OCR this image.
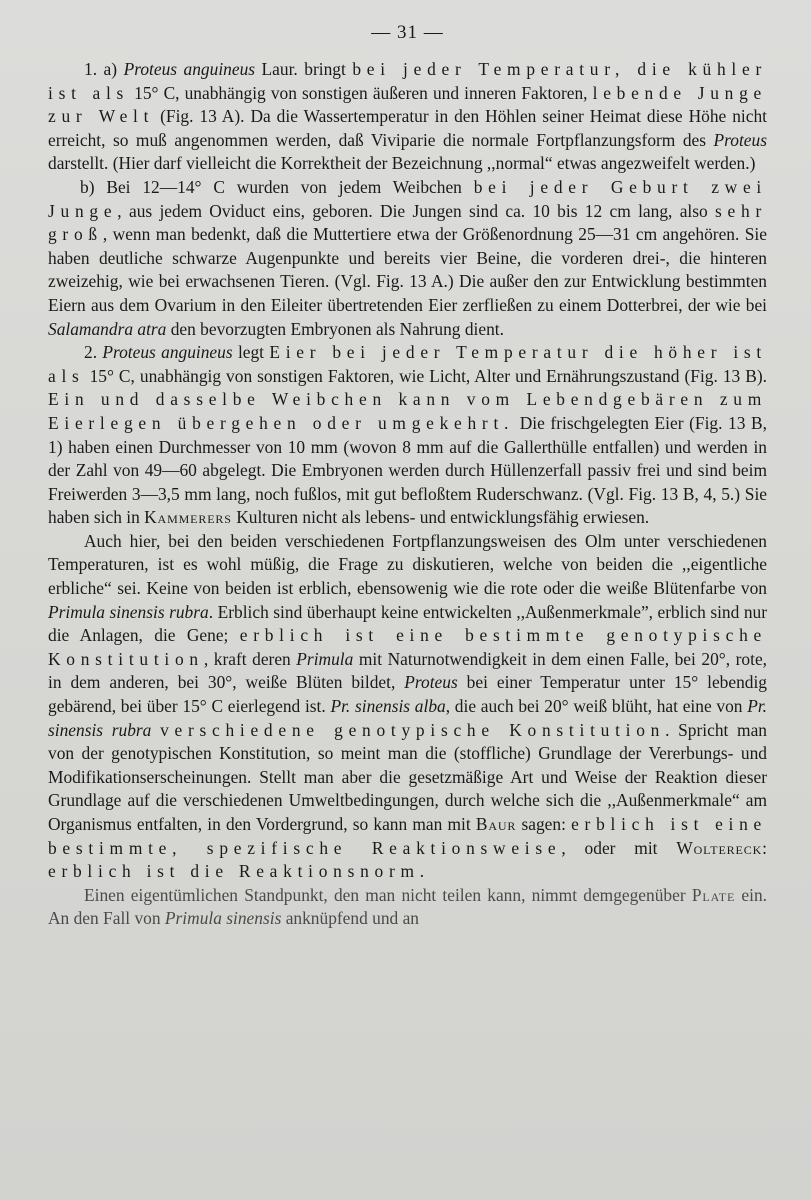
— 31 —

1. a) Proteus anguineus Laur. bringt bei jeder Temperatur, die kühler ist als 15° C, unabhängig von sonstigen äußeren und inneren Faktoren, lebende Junge zur Welt (Fig. 13 A). Da die Wassertemperatur in den Höhlen seiner Heimat diese Höhe nicht erreicht, so muß angenommen werden, daß Viviparie die normale Fortpflanzungsform des Proteus darstellt. (Hier darf vielleicht die Korrektheit der Bezeichnung ,,normal“ etwas angezweifelt werden.)

b) Bei 12—14° C wurden von jedem Weibchen bei jeder Geburt zwei Junge, aus jedem Oviduct eins, geboren. Die Jungen sind ca. 10 bis 12 cm lang, also sehr groß, wenn man bedenkt, daß die Muttertiere etwa der Größenordnung 25—31 cm angehören. Sie haben deutliche schwarze Augenpunkte und bereits vier Beine, die vorderen drei-, die hinteren zweizehig, wie bei erwachsenen Tieren. (Vgl. Fig. 13 A.) Die außer den zur Entwicklung bestimmten Eiern aus dem Ovarium in den Eileiter übertretenden Eier zerfließen zu einem Dotterbrei, der wie bei Salamandra atra den bevorzugten Embryonen als Nahrung dient.

2. Proteus anguineus legt Eier bei jeder Temperatur die höher ist als 15° C, unabhängig von sonstigen Faktoren, wie Licht, Alter und Ernährungszustand (Fig. 13 B). Ein und dasselbe Weibchen kann vom Lebendgebären zum Eierlegen übergehen oder umgekehrt. Die frischgelegten Eier (Fig. 13 B, 1) haben einen Durchmesser von 10 mm (wovon 8 mm auf die Gallerthülle entfallen) und werden in der Zahl von 49—60 abgelegt. Die Embryonen werden durch Hüllenzerfall passiv frei und sind beim Freiwerden 3—3,5 mm lang, noch fußlos, mit gut befloßtem Ruderschwanz. (Vgl. Fig. 13 B, 4, 5.) Sie haben sich in Kammerers Kulturen nicht als lebens- und entwicklungsfähig erwiesen.

Auch hier, bei den beiden verschiedenen Fortpflanzungsweisen des Olm unter verschiedenen Temperaturen, ist es wohl müßig, die Frage zu diskutieren, welche von beiden die ,,eigentliche erbliche“ sei. Keine von beiden ist erblich, ebensowenig wie die rote oder die weiße Blütenfarbe von Primula sinensis rubra. Erblich sind überhaupt keine entwickelten ,,Außenmerkmale”, erblich sind nur die Anlagen, die Gene; erblich ist eine bestimmte genotypische Konstitution, kraft deren Primula mit Naturnotwendigkeit in dem einen Falle, bei 20°, rote, in dem anderen, bei 30°, weiße Blüten bildet, Proteus bei einer Temperatur unter 15° lebendig gebärend, bei über 15° C eierlegend ist. Pr. sinensis alba, die auch bei 20° weiß blüht, hat eine von Pr. sinensis rubra verschiedene genotypische Konstitution. Spricht man von der genotypischen Konstitution, so meint man die (stoffliche) Grundlage der Vererbungs- und Modifikationserscheinungen. Stellt man aber die gesetzmäßige Art und Weise der Reaktion dieser Grundlage auf die verschiedenen Umweltbedingungen, durch welche sich die ,,Außenmerkmale“ am Organismus entfalten, in den Vordergrund, so kann man mit Baur sagen: erblich ist eine bestimmte, spezifische Reaktionsweise, oder mit Woltereck: erblich ist die Reaktionsnorm.

Einen eigentümlichen Standpunkt, den man nicht teilen kann, nimmt demgegenüber Plate ein. An den Fall von Primula sinensis anknüpfend und an
